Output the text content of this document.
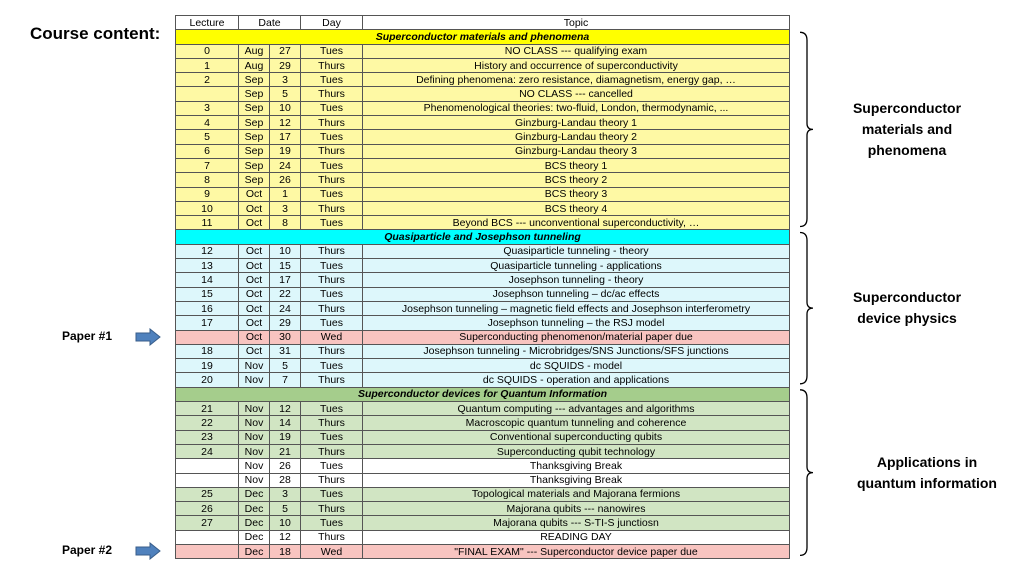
Course content:
Lecture	Date		Day	Topic
Superconductor materials and phenomena				
0	Aug	27	Tues	NO CLASS --- qualifying exam
1	Aug	29	Thurs	History and occurrence of superconductivity
2	Sep	3	Tues	Defining phenomena: zero resistance, diamagnetism, energy gap, …
	Sep	5	Thurs	NO CLASS --- cancelled
3	Sep	10	Tues	Phenomenological theories: two-fluid, London, thermodynamic, ...
4	Sep	12	Thurs	Ginzburg-Landau theory 1
5	Sep	17	Tues	Ginzburg-Landau theory 2
6	Sep	19	Thurs	Ginzburg-Landau theory 3
7	Sep	24	Tues	BCS theory 1
8	Sep	26	Thurs	BCS theory 2
9	Oct	1	Tues	BCS theory 3
10	Oct	3	Thurs	BCS theory 4
11	Oct	8	Tues	Beyond BCS --- unconventional superconductivity, …
Quasiparticle and Josephson tunneling				
12	Oct	10	Thurs	Quasiparticle tunneling - theory
13	Oct	15	Tues	Quasiparticle tunneling - applications
14	Oct	17	Thurs	Josephson tunneling - theory
15	Oct	22	Tues	Josephson tunneling – dc/ac effects
16	Oct	24	Thurs	Josephson tunneling – magnetic field effects and Josephson interferometry
17	Oct	29	Tues	Josephson tunneling – the RSJ model
	Oct	30	Wed	Superconducting phenomenon/material paper due
18	Oct	31	Thurs	Josephson tunneling - Microbridges/SNS Junctions/SFS junctions
19	Nov	5	Tues	dc SQUIDS - model
20	Nov	7	Thurs	dc SQUIDS - operation and applications
Superconductor devices for Quantum Information				
21	Nov	12	Tues	Quantum computing --- advantages and algorithms
22	Nov	14	Thurs	Macroscopic quantum tunneling and coherence
23	Nov	19	Tues	Conventional superconducting qubits
24	Nov	21	Thurs	Superconducting qubit technology
	Nov	26	Tues	Thanksgiving Break
	Nov	28	Thurs	Thanksgiving Break
25	Dec	3	Tues	Topological materials and Majorana fermions
26	Dec	5	Thurs	Majorana qubits --- nanowires
27	Dec	10	Tues	Majorana qubits --- S-TI-S junctiosn
	Dec	12	Thurs	READING DAY
	Dec	18	Wed	"FINAL EXAM" --- Superconductor device paper due
Superconductor
materials and
phenomena
Superconductor
device physics
Applications in
quantum information
Paper #1
Paper #2
